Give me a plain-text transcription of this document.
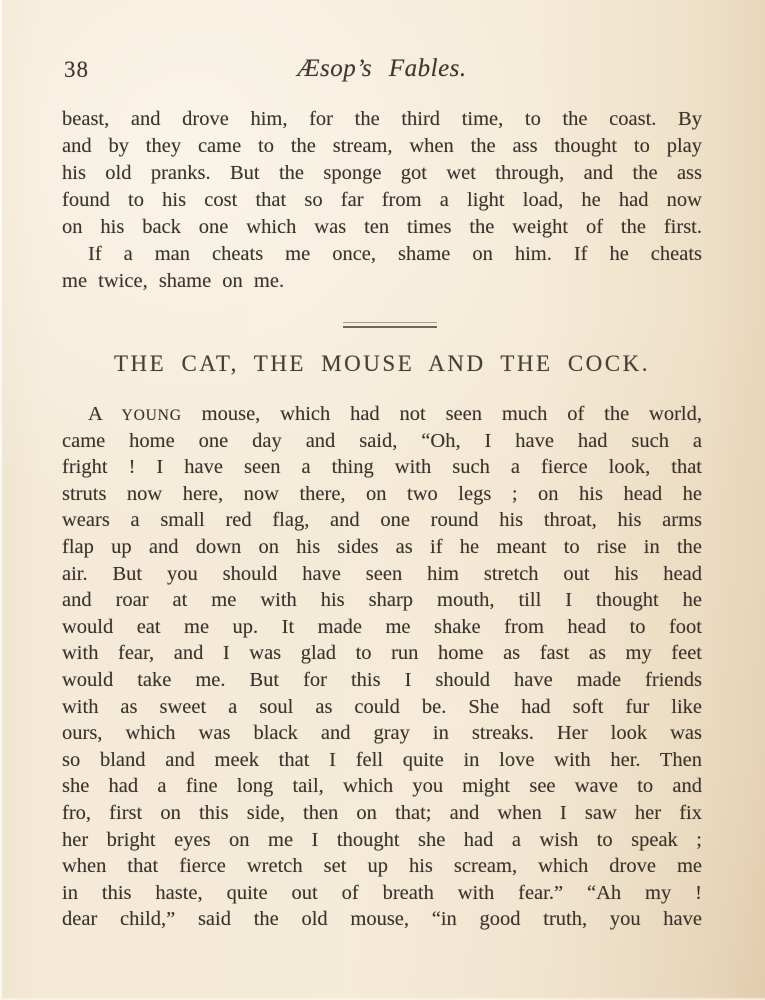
38	Æsop’s Fables.
beast, and drove him, for the third time, to the coast. By
and by they came to the stream, when the ass thought to play
his old pranks. But the sponge got wet through, and the ass
found to his cost that so far from a light load, he had now
on his back one which was ten times the weight of the first.
If a man cheats me once, shame on him. If he cheats
me twice, shame on me.
THE CAT, THE MOUSE AND THE COCK.
A YOUNG mouse, which had not seen much of the world,
came home one day and said, “Oh, I have had such a
fright ! I have seen a thing with such a fierce look, that
struts now here, now there, on two legs ; on his head he
wears a small red flag, and one round his throat, his arms
flap up and down on his sides as if he meant to rise in the
air. But you should have seen him stretch out his head
and roar at me with his sharp mouth, till I thought he
would eat me up. It made me shake from head to foot
with fear, and I was glad to run home as fast as my feet
would take me. But for this I should have made friends
with as sweet a soul as could be. She had soft fur like
ours, which was black and gray in streaks. Her look was
so bland and meek that I fell quite in love with her. Then
she had a fine long tail, which you might see wave to and
fro, first on this side, then on that; and when I saw her fix
her bright eyes on me I thought she had a wish to speak ;
when that fierce wretch set up his scream, which drove me
in this haste, quite out of breath with fear.” “Ah my !
dear child,” said the old mouse, “in good truth, you have
